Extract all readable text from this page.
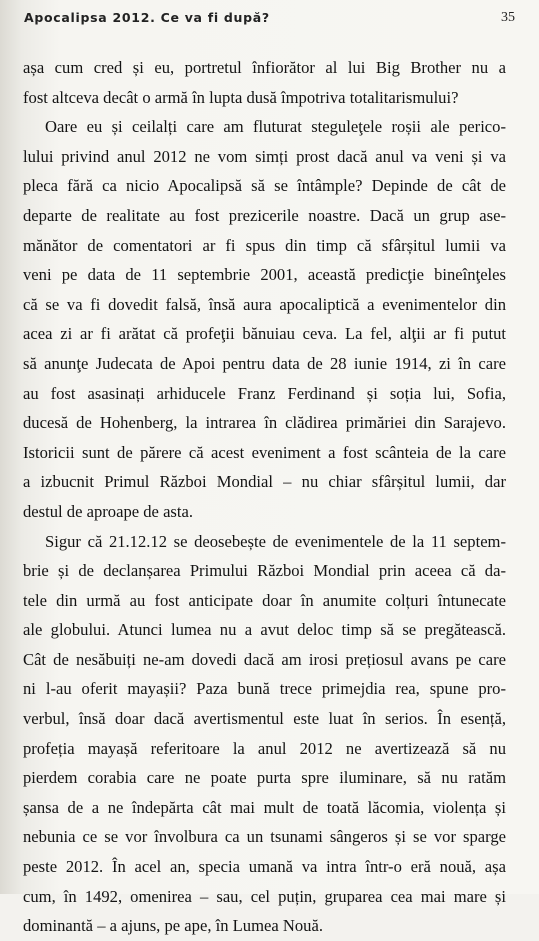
Apocalipsa 2012. Ce va fi după?	35
așa cum cred și eu, portretul înfiorător al lui Big Brother nu a
fost altceva decât o armă în lupta dusă împotriva totalitarismului?
Oare eu și ceilalți care am fluturat steguleţele roșii ale perico-
lului privind anul 2012 ne vom simți prost dacă anul va veni și va
pleca fără ca nicio Apocalipsă să se întâmple? Depinde de cât de
departe de realitate au fost prezicerile noastre. Dacă un grup ase-
mănător de comentatori ar fi spus din timp că sfârșitul lumii va
veni pe data de 11 septembrie 2001, această predicţie bineînţeles
că se va fi dovedit falsă, însă aura apocaliptică a evenimentelor din
acea zi ar fi arătat că profeţii bănuiau ceva. La fel, alţii ar fi putut
să anunţe Judecata de Apoi pentru data de 28 iunie 1914, zi în care
au fost asasinați arhiducele Franz Ferdinand și soția lui, Sofia,
ducesă de Hohenberg, la intrarea în clădirea primăriei din Sarajevo.
Istoricii sunt de părere că acest eveniment a fost scânteia de la care
a izbucnit Primul Război Mondial – nu chiar sfârșitul lumii, dar
destul de aproape de asta.
Sigur că 21.12.12 se deosebește de evenimentele de la 11 septem-
brie și de declanșarea Primului Război Mondial prin aceea că da-
tele din urmă au fost anticipate doar în anumite colțuri întunecate
ale globului. Atunci lumea nu a avut deloc timp să se pregătească.
Cât de nesăbuiți ne-am dovedi dacă am irosi prețiosul avans pe care
ni l-au oferit mayașii? Paza bună trece primejdia rea, spune pro-
verbul, însă doar dacă avertismentul este luat în serios. În esență,
profeția mayașă referitoare la anul 2012 ne avertizează să nu
pierdem corabia care ne poate purta spre iluminare, să nu ratăm
șansa de a ne îndepărta cât mai mult de toată lăcomia, violența și
nebunia ce se vor învolbura ca un tsunami sângeros și se vor sparge
peste 2012. În acel an, specia umană va intra într-o eră nouă, așa
cum, în 1492, omenirea – sau, cel puțin, gruparea cea mai mare și
dominantă – a ajuns, pe ape, în Lumea Nouă.
